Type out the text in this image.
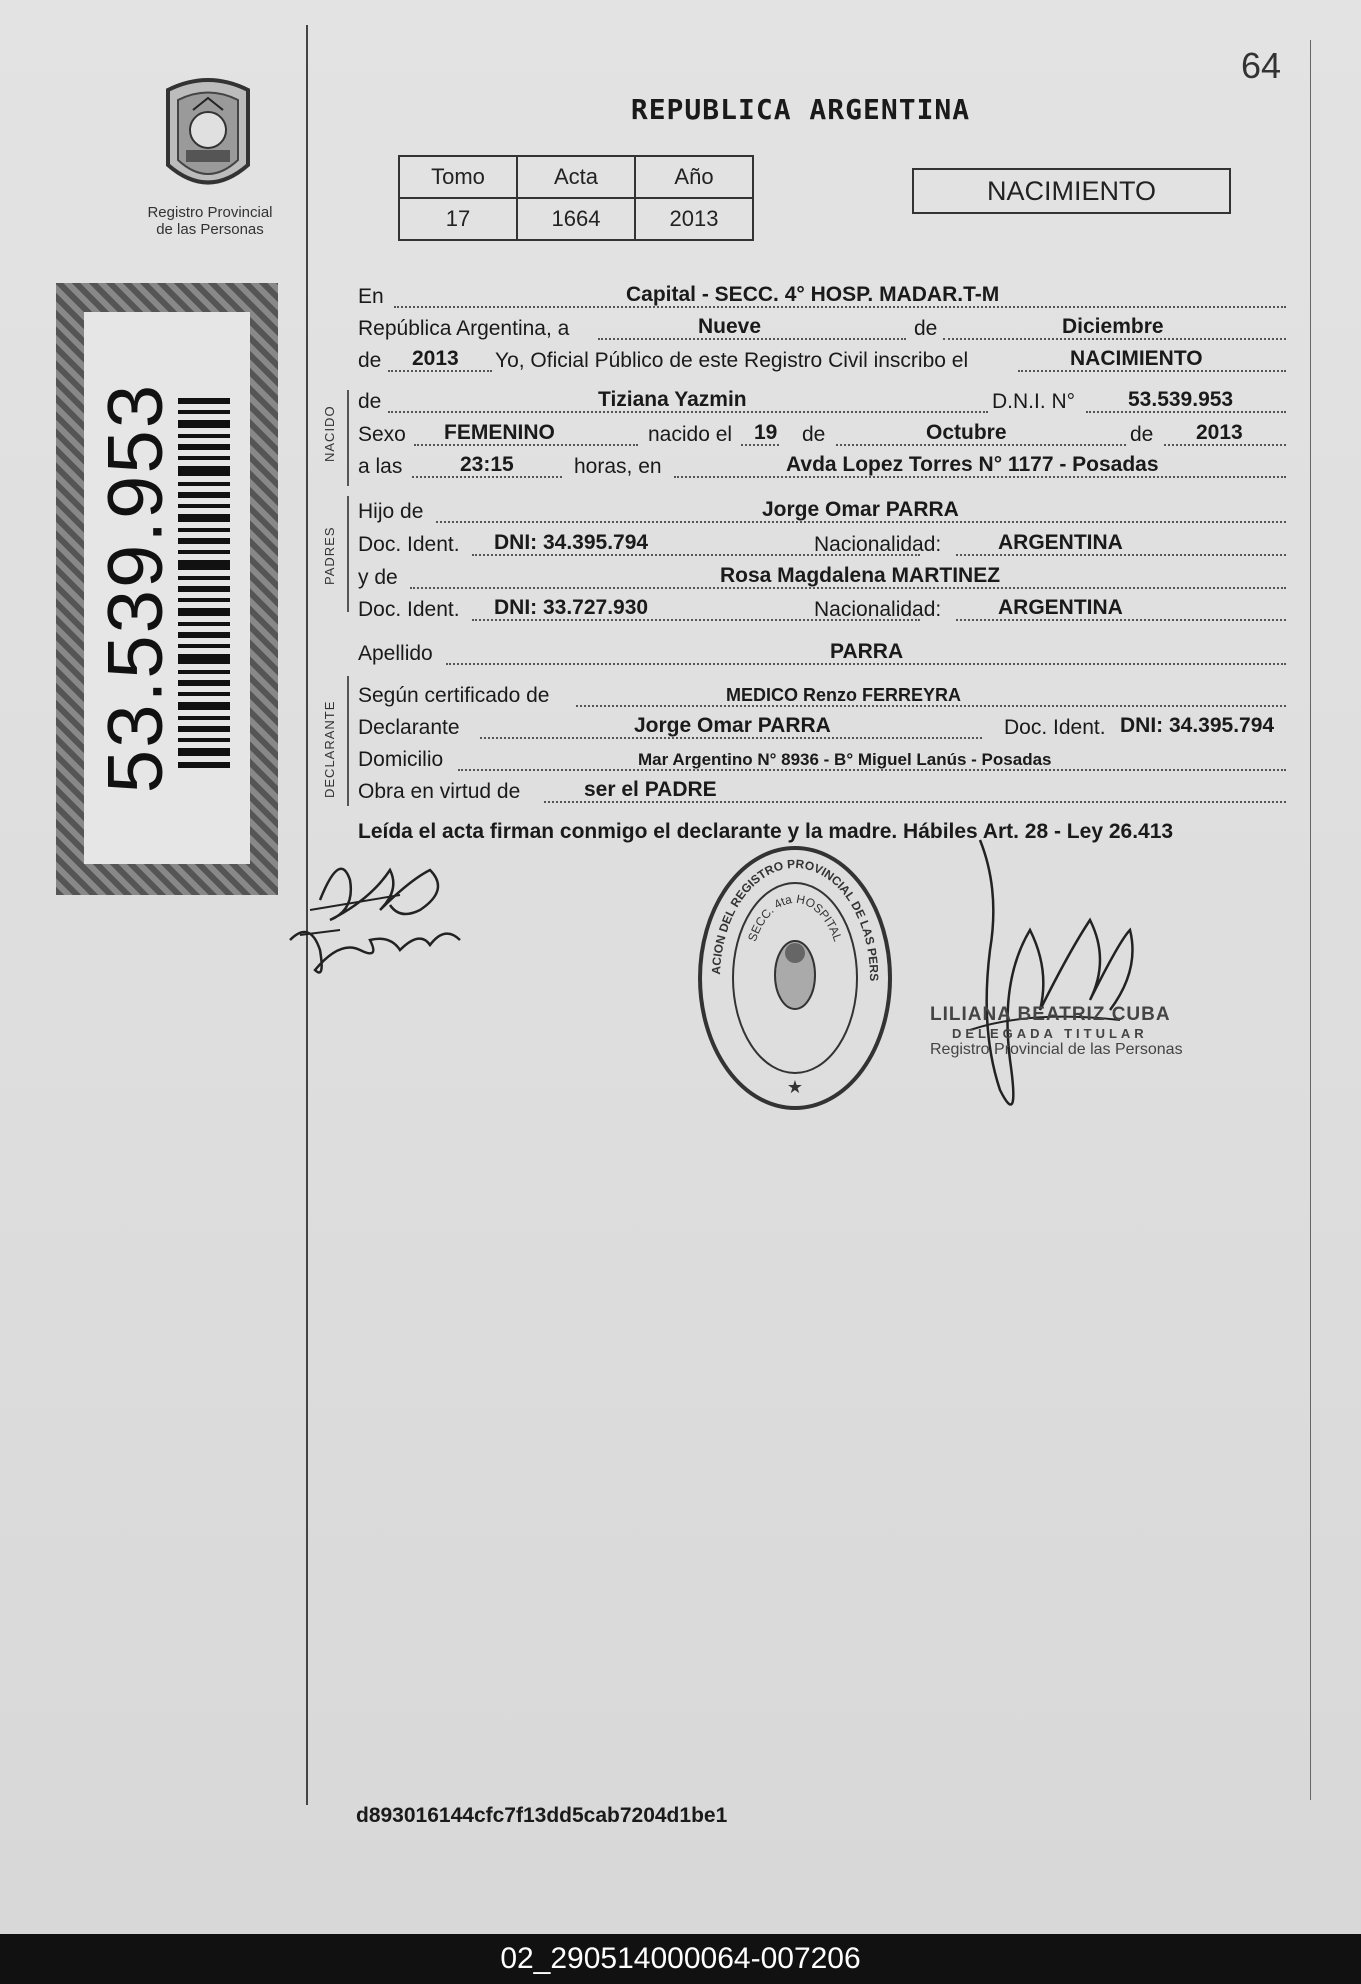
Registro Provincial
de las Personas
53.539.953
64
REPUBLICA ARGENTINA
Tomo	Acta	Año
17	1664	2013
NACIMIENTO
NACIDO
PADRES
DECLARANTE
En	Capital - SECC. 4° HOSP. MADAR.T-M
República Argentina, a	Nueve	de	Diciembre
de 2013 Yo, Oficial Público de este Registro Civil inscribo el	NACIMIENTO
de	Tiziana Yazmin	D.N.I. N°	53.539.953
Sexo FEMENINO	nacido el 19 de	Octubre	de 2013
a las	23:15	horas, en	Avda Lopez Torres N° 1177 - Posadas
Hijo de	Jorge Omar PARRA
Doc. Ident. DNI: 34.395.794	Nacionalidad:	ARGENTINA
y de	Rosa Magdalena MARTINEZ
Doc. Ident. DNI: 33.727.930	Nacionalidad:	ARGENTINA
Apellido	PARRA
Según certificado de	MEDICO Renzo FERREYRA
Declarante	Jorge Omar PARRA	Doc. Ident. DNI: 34.395.794
Domicilio	Mar Argentino N° 8936 - B° Miguel Lanús - Posadas
Obra en virtud de	ser el PADRE
Leída el acta firman conmigo el declarante y la madre. Hábiles Art. 28 - Ley 26.413
ACION DEL REGISTRO PROVINCIAL DE LAS PERS
SECC. 4ta HOSPITAL
★
LILIANA BEATRIZ CUBA
DELEGADA TITULAR
Registro Provincial de las Personas
d893016144cfc7f13dd5cab7204d1be1
02_290514000064-007206
